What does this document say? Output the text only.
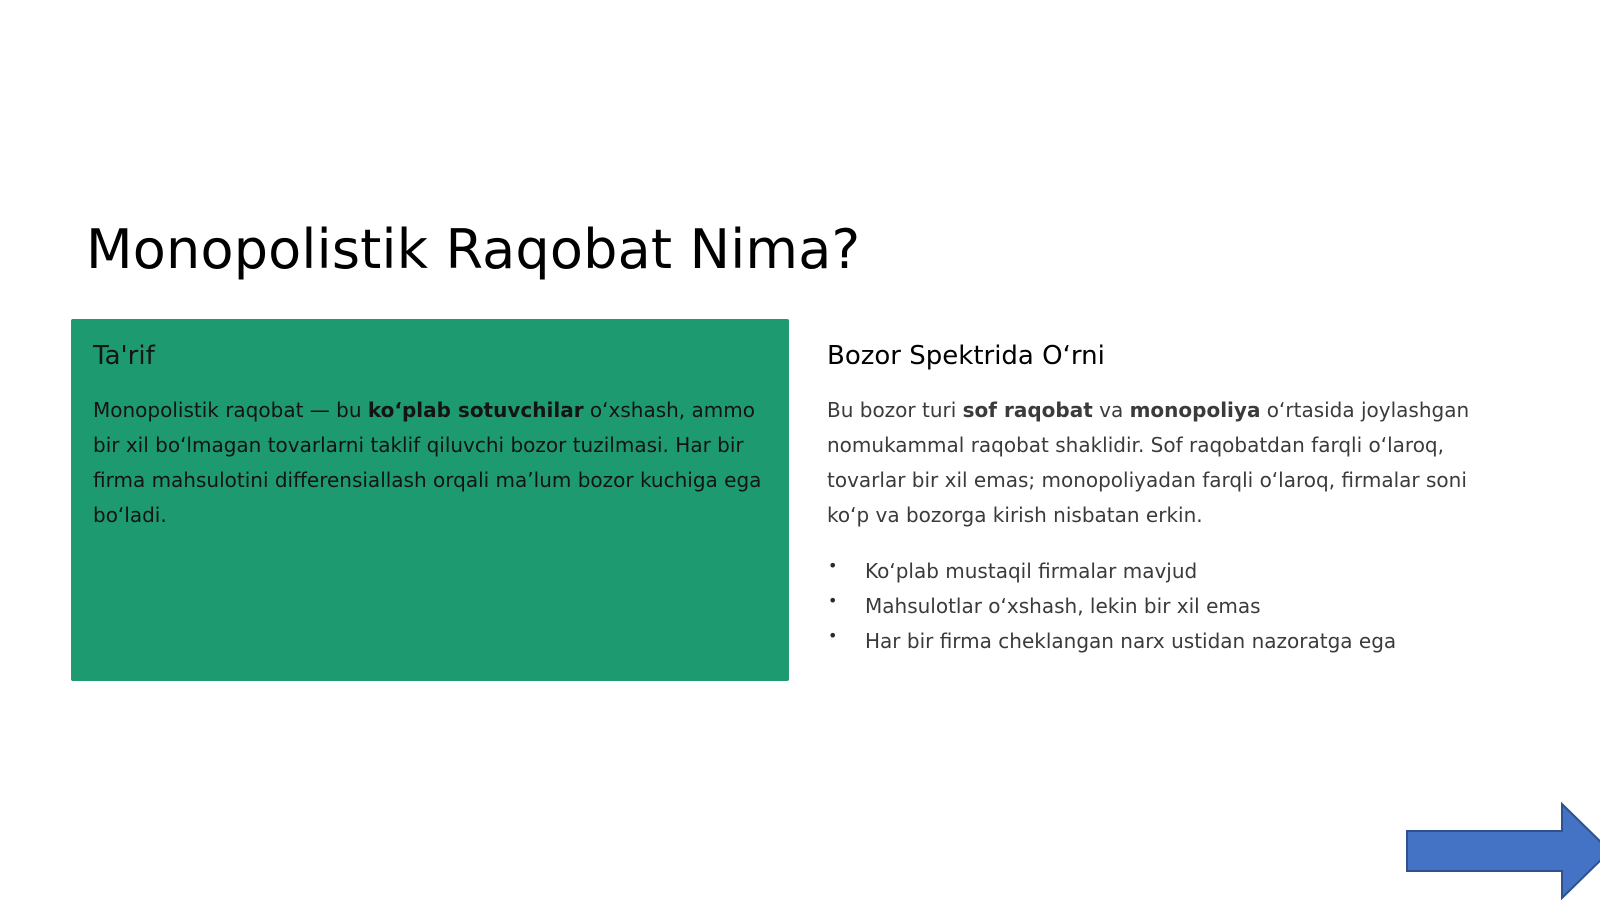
Monopolistik Raqobat Nima?
Ta'rif

Monopolistik raqobat — bu ko‘plab sotuvchilar o‘xshash, ammo bir xil bo‘lmagan tovarlarni taklif qiluvchi bozor tuzilmasi. Har bir firma mahsulotini differensiallash orqali ma’lum bozor kuchiga ega bo‘ladi.

Bozor Spektrida O‘rni

Bu bozor turi sof raqobat va monopoliya o‘rtasida joylashgan nomukammal raqobat shaklidir. Sof raqobatdan farqli o‘laroq, tovarlar bir xil emas; monopoliyadan farqli o‘laroq, firmalar soni ko‘p va bozorga kirish nisbatan erkin.

• Ko‘plab mustaqil firmalar mavjud
• Mahsulotlar o‘xshash, lekin bir xil emas
• Har bir firma cheklangan narx ustidan nazoratga ega
